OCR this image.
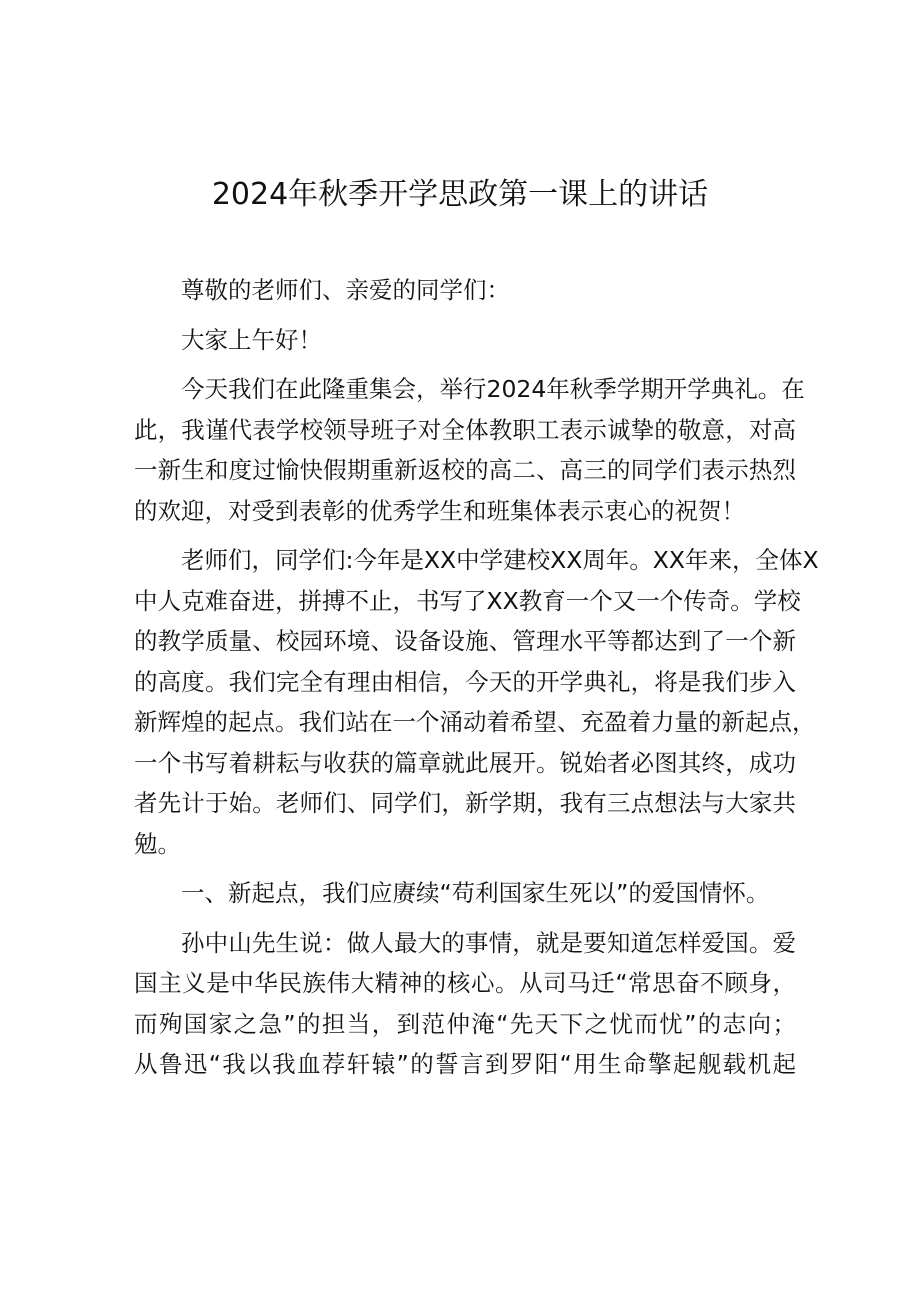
2024年秋季开学思政第一课上的讲话

尊敬的老师们、亲爱的同学们：

大家上午好！

今天我们在此隆重集会，举行2024年秋季学期开学典礼。在
此，我谨代表学校领导班子对全体教职工表示诚挚的敬意，对高
一新生和度过愉快假期重新返校的高二、高三的同学们表示热烈
的欢迎，对受到表彰的优秀学生和班集体表示衷心的祝贺！

老师们，同学们:今年是XX中学建校XX周年。XX年来，全体X
中人克难奋进，拼搏不止，书写了XX教育一个又一个传奇。学校
的教学质量、校园环境、设备设施、管理水平等都达到了一个新
的高度。我们完全有理由相信，今天的开学典礼，将是我们步入
新辉煌的起点。我们站在一个涌动着希望、充盈着力量的新起点，
一个书写着耕耘与收获的篇章就此展开。锐始者必图其终，成功
者先计于始。老师们、同学们，新学期，我有三点想法与大家共
勉。

一、新起点，我们应赓续“苟利国家生死以”的爱国情怀。

孙中山先生说：做人最大的事情，就是要知道怎样爱国。爱
国主义是中华民族伟大精神的核心。从司马迁“常思奋不顾身，
而殉国家之急”的担当，到范仲淹“先天下之忧而忧”的志向；
从鲁迅“我以我血荐轩辕”的誓言到罗阳“用生命擎起舰载机起
